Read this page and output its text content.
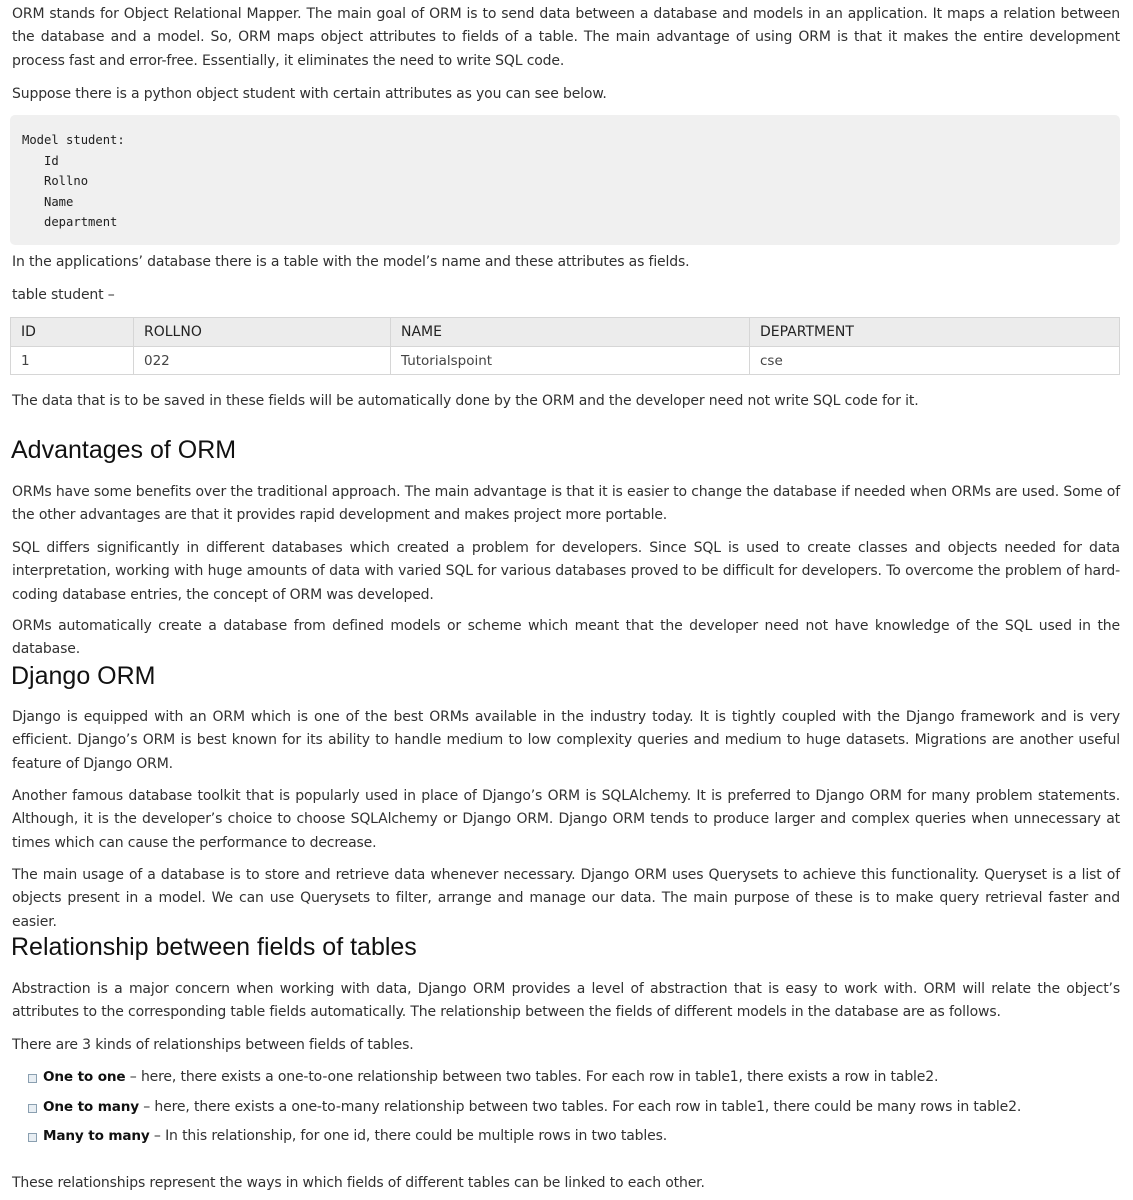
ORM stands for Object Relational Mapper. The main goal of ORM is to send data between a database and models in an application. It maps a relation between the database and a model. So, ORM maps object attributes to fields of a table. The main advantage of using ORM is that it makes the entire development process fast and error-free. Essentially, it eliminates the need to write SQL code.

Suppose there is a python object student with certain attributes as you can see below.

Model student:
Id
Rollno
Name
department

In the applications’ database there is a table with the model’s name and these attributes as fields.

table student –

ID	ROLLNO	NAME	DEPARTMENT
1	022	Tutorialspoint	cse

The data that is to be saved in these fields will be automatically done by the ORM and the developer need not write SQL code for it.

Advantages of ORM

ORMs have some benefits over the traditional approach. The main advantage is that it is easier to change the database if needed when ORMs are used. Some of the other advantages are that it provides rapid development and makes project more portable.

SQL differs significantly in different databases which created a problem for developers. Since SQL is used to create classes and objects needed for data interpretation, working with huge amounts of data with varied SQL for various databases proved to be difficult for developers. To overcome the problem of hard-coding database entries, the concept of ORM was developed.

ORMs automatically create a database from defined models or scheme which meant that the developer need not have knowledge of the SQL used in the database.

Django ORM

Django is equipped with an ORM which is one of the best ORMs available in the industry today. It is tightly coupled with the Django framework and is very efficient. Django’s ORM is best known for its ability to handle medium to low complexity queries and medium to huge datasets. Migrations are another useful feature of Django ORM.

Another famous database toolkit that is popularly used in place of Django’s ORM is SQLAlchemy. It is preferred to Django ORM for many problem statements. Although, it is the developer’s choice to choose SQLAlchemy or Django ORM. Django ORM tends to produce larger and complex queries when unnecessary at times which can cause the performance to decrease.

The main usage of a database is to store and retrieve data whenever necessary. Django ORM uses Querysets to achieve this functionality. Queryset is a list of objects present in a model. We can use Querysets to filter, arrange and manage our data. The main purpose of these is to make query retrieval faster and easier.

Relationship between fields of tables

Abstraction is a major concern when working with data, Django ORM provides a level of abstraction that is easy to work with. ORM will relate the object’s attributes to the corresponding table fields automatically. The relationship between the fields of different models in the database are as follows.

There are 3 kinds of relationships between fields of tables.

One to one – here, there exists a one-to-one relationship between two tables. For each row in table1, there exists a row in table2.
One to many – here, there exists a one-to-many relationship between two tables. For each row in table1, there could be many rows in table2.
Many to many – In this relationship, for one id, there could be multiple rows in two tables.

These relationships represent the ways in which fields of different tables can be linked to each other.
